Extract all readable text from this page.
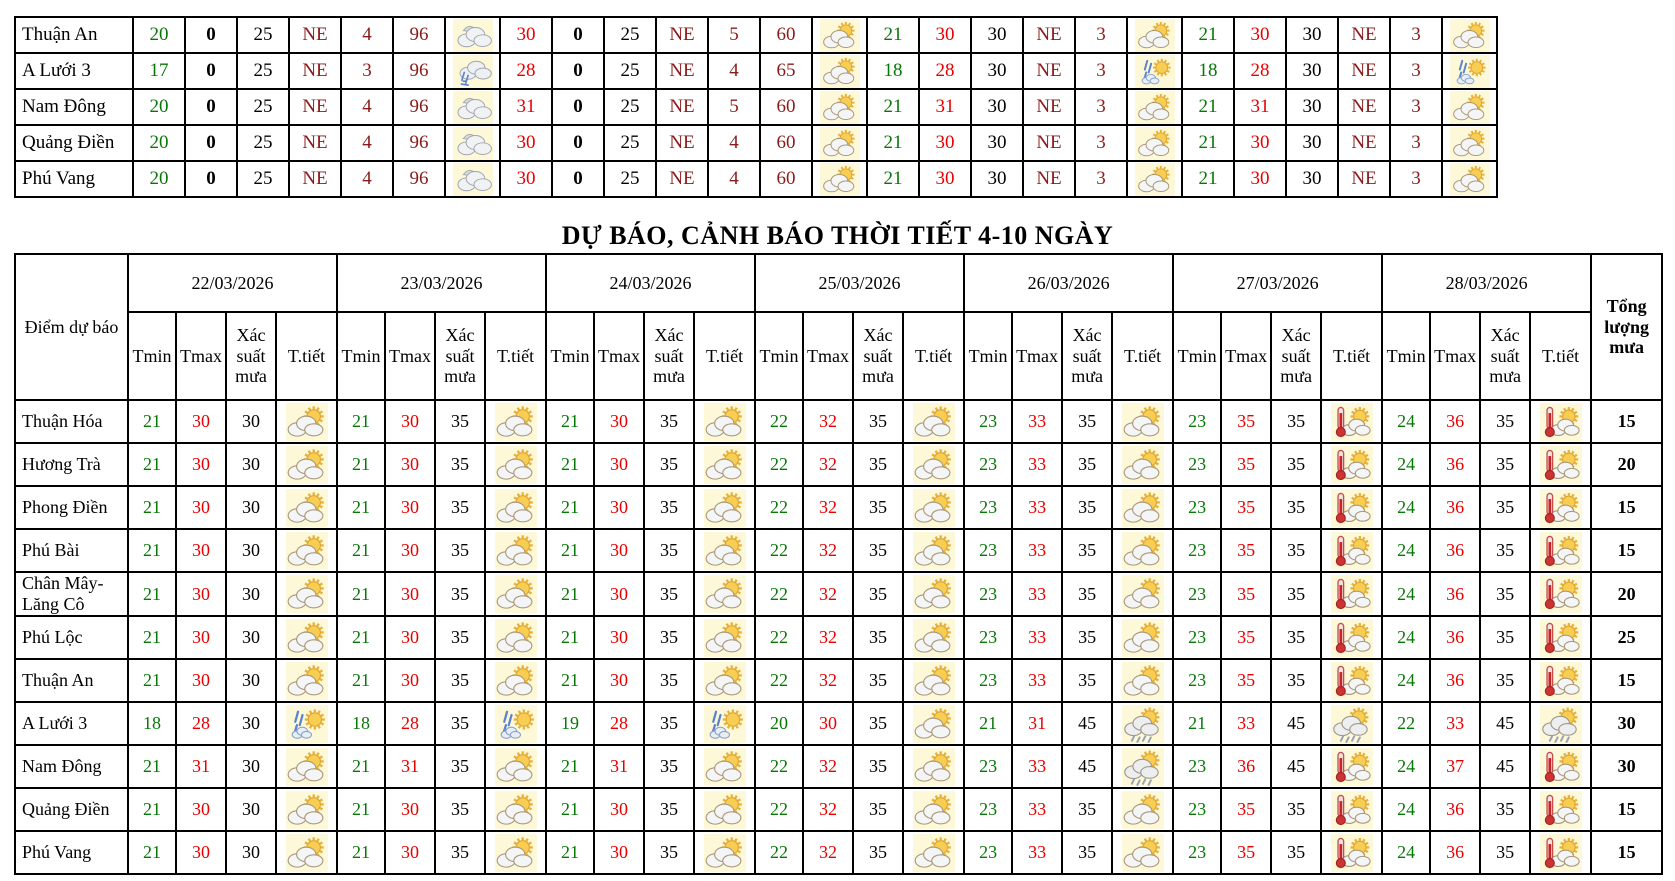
Thuận An	20	0	25	NE	4	96		30	0	25	NE	5	60		21	30	30	NE	3		21	30	30	NE	3	

A Lưới 3	17	0	25	NE	3	96		28	0	25	NE	4	65		18	28	30	NE	3		18	28	30	NE	3	

Nam Đông	20	0	25	NE	4	96		31	0	25	NE	5	60		21	31	30	NE	3		21	31	30	NE	3	

Quảng Điền	20	0	25	NE	4	96		30	0	25	NE	4	60		21	30	30	NE	3		21	30	30	NE	3	

Phú Vang	20	0	25	NE	4	96		30	0	25	NE	4	60		21	30	30	NE	3		21	30	30	NE	3	
DỰ BÁO, CẢNH BÁO THỜI TIẾT 4-10 NGÀY
Điểm dự báo	22/03/2026				23/03/2026				24/03/2026				25/03/2026				26/03/2026				27/03/2026				28/03/2026				Tổng lượng mưa
	Tmin	Tmax	Xác suất mưa	T.tiết	Tmin	Tmax	Xác suất mưa	T.tiết	Tmin	Tmax	Xác suất mưa	T.tiết	Tmin	Tmax	Xác suất mưa	T.tiết	Tmin	Tmax	Xác suất mưa	T.tiết	Tmin	Tmax	Xác suất mưa	T.tiết	Tmin	Tmax	Xác suất mưa	T.tiết	
Thuận Hóa	21	30	30		21	30	35		21	30	35		22	32	35		23	33	35		23	35	35		24	36	35		15
Hương Trà	21	30	30		21	30	35		21	30	35		22	32	35		23	33	35		23	35	35		24	36	35		20
Phong Điền	21	30	30		21	30	35		21	30	35		22	32	35		23	33	35		23	35	35		24	36	35		15
Phú Bài	21	30	30		21	30	35		21	30	35		22	32	35		23	33	35		23	35	35		24	36	35		15
Chân Mây-Lăng Cô	21	30	30		21	30	35		21	30	35		22	32	35		23	33	35		23	35	35		24	36	35		20
Phú Lộc	21	30	30		21	30	35		21	30	35		22	32	35		23	33	35		23	35	35		24	36	35		25
Thuận An	21	30	30		21	30	35		21	30	35		22	32	35		23	33	35		23	35	35		24	36	35		15
A Lưới 3	18	28	30		18	28	35		19	28	35		20	30	35		21	31	45		21	33	45		22	33	45		30
Nam Đông	21	31	30		21	31	35		21	31	35		22	32	35		23	33	45		23	36	45		24	37	45		30
Quảng Điền	21	30	30		21	30	35		21	30	35		22	32	35		23	33	35		23	35	35		24	36	35		15
Phú Vang	21	30	30		21	30	35		21	30	35		22	32	35		23	33	35		23	35	35		24	36	35		15
